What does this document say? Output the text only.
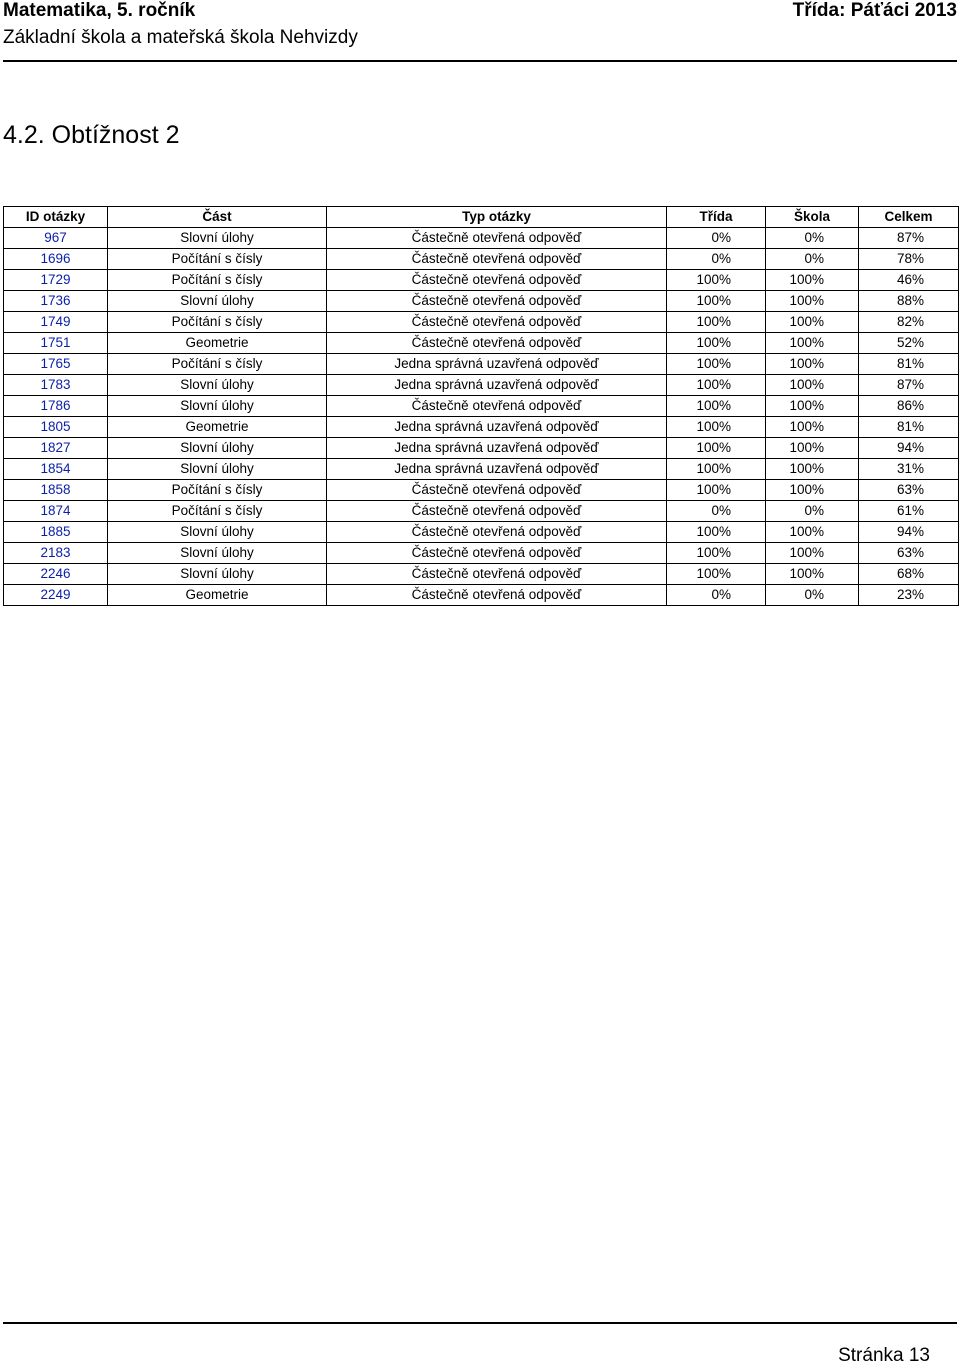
Matematika, 5. ročník	Třída: Páťáci 2013
Základní škola a mateřská škola Nehvizdy
4.2. Obtížnost 2
ID otázky	Část	Typ otázky	Třída	Škola	Celkem
967	Slovní úlohy	Částečně otevřená odpověď	0%	0%	87%
1696	Počítání s čísly	Částečně otevřená odpověď	0%	0%	78%
1729	Počítání s čísly	Částečně otevřená odpověď	100%	100%	46%
1736	Slovní úlohy	Částečně otevřená odpověď	100%	100%	88%
1749	Počítání s čísly	Částečně otevřená odpověď	100%	100%	82%
1751	Geometrie	Částečně otevřená odpověď	100%	100%	52%
1765	Počítání s čísly	Jedna správná uzavřená odpověď	100%	100%	81%
1783	Slovní úlohy	Jedna správná uzavřená odpověď	100%	100%	87%
1786	Slovní úlohy	Částečně otevřená odpověď	100%	100%	86%
1805	Geometrie	Jedna správná uzavřená odpověď	100%	100%	81%
1827	Slovní úlohy	Jedna správná uzavřená odpověď	100%	100%	94%
1854	Slovní úlohy	Jedna správná uzavřená odpověď	100%	100%	31%
1858	Počítání s čísly	Částečně otevřená odpověď	100%	100%	63%
1874	Počítání s čísly	Částečně otevřená odpověď	0%	0%	61%
1885	Slovní úlohy	Částečně otevřená odpověď	100%	100%	94%
2183	Slovní úlohy	Částečně otevřená odpověď	100%	100%	63%
2246	Slovní úlohy	Částečně otevřená odpověď	100%	100%	68%
2249	Geometrie	Částečně otevřená odpověď	0%	0%	23%
Stránka 13
